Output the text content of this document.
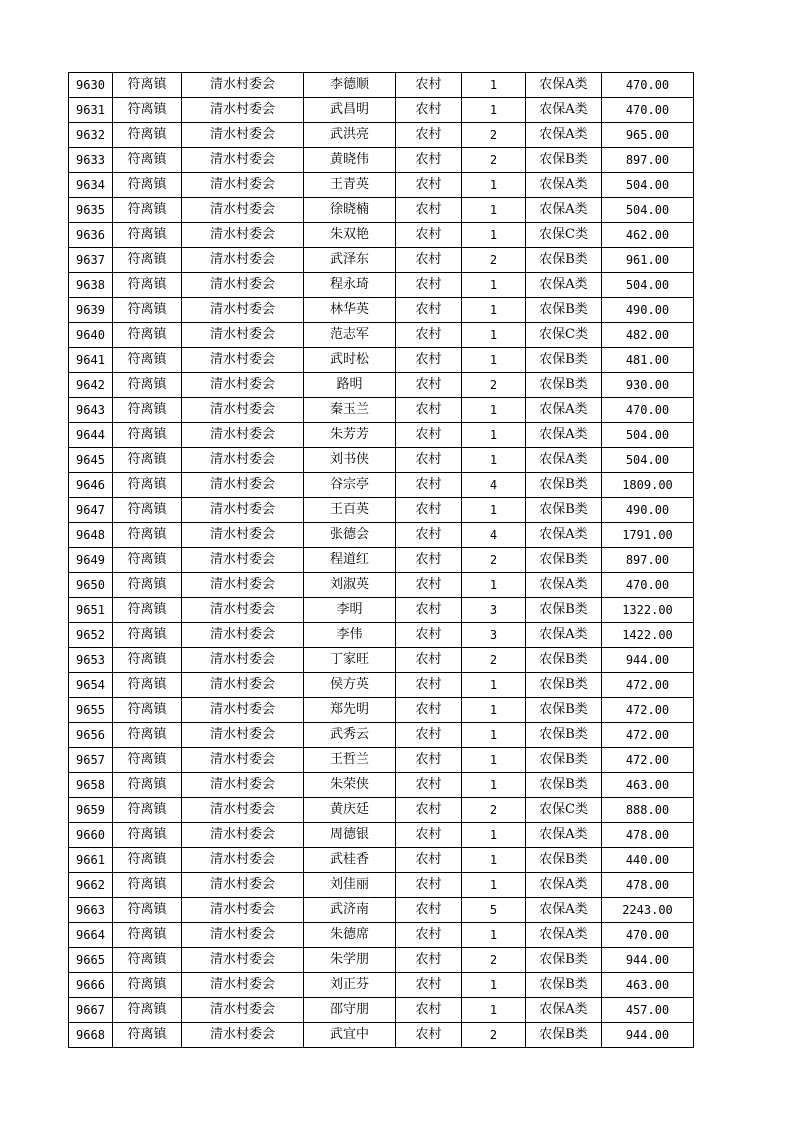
9630	符离镇	清水村委会	李德顺	农村	1	农保A类	470.00
9631	符离镇	清水村委会	武昌明	农村	1	农保A类	470.00
9632	符离镇	清水村委会	武洪亮	农村	2	农保A类	965.00
9633	符离镇	清水村委会	黄晓伟	农村	2	农保B类	897.00
9634	符离镇	清水村委会	王青英	农村	1	农保A类	504.00
9635	符离镇	清水村委会	徐晓楠	农村	1	农保A类	504.00
9636	符离镇	清水村委会	朱双艳	农村	1	农保C类	462.00
9637	符离镇	清水村委会	武泽东	农村	2	农保B类	961.00
9638	符离镇	清水村委会	程永琦	农村	1	农保A类	504.00
9639	符离镇	清水村委会	林华英	农村	1	农保B类	490.00
9640	符离镇	清水村委会	范志军	农村	1	农保C类	482.00
9641	符离镇	清水村委会	武时松	农村	1	农保B类	481.00
9642	符离镇	清水村委会	路明	农村	2	农保B类	930.00
9643	符离镇	清水村委会	秦玉兰	农村	1	农保A类	470.00
9644	符离镇	清水村委会	朱芳芳	农村	1	农保A类	504.00
9645	符离镇	清水村委会	刘书侠	农村	1	农保A类	504.00
9646	符离镇	清水村委会	谷宗亭	农村	4	农保B类	1809.00
9647	符离镇	清水村委会	王百英	农村	1	农保B类	490.00
9648	符离镇	清水村委会	张德会	农村	4	农保A类	1791.00
9649	符离镇	清水村委会	程道红	农村	2	农保B类	897.00
9650	符离镇	清水村委会	刘淑英	农村	1	农保A类	470.00
9651	符离镇	清水村委会	李明	农村	3	农保B类	1322.00
9652	符离镇	清水村委会	李伟	农村	3	农保A类	1422.00
9653	符离镇	清水村委会	丁家旺	农村	2	农保B类	944.00
9654	符离镇	清水村委会	侯方英	农村	1	农保B类	472.00
9655	符离镇	清水村委会	郑先明	农村	1	农保B类	472.00
9656	符离镇	清水村委会	武秀云	农村	1	农保B类	472.00
9657	符离镇	清水村委会	王哲兰	农村	1	农保B类	472.00
9658	符离镇	清水村委会	朱荣侠	农村	1	农保B类	463.00
9659	符离镇	清水村委会	黄庆廷	农村	2	农保C类	888.00
9660	符离镇	清水村委会	周德银	农村	1	农保A类	478.00
9661	符离镇	清水村委会	武桂香	农村	1	农保B类	440.00
9662	符离镇	清水村委会	刘佳丽	农村	1	农保A类	478.00
9663	符离镇	清水村委会	武济南	农村	5	农保A类	2243.00
9664	符离镇	清水村委会	朱德席	农村	1	农保A类	470.00
9665	符离镇	清水村委会	朱学朋	农村	2	农保B类	944.00
9666	符离镇	清水村委会	刘正芬	农村	1	农保B类	463.00
9667	符离镇	清水村委会	邵守朋	农村	1	农保A类	457.00
9668	符离镇	清水村委会	武宜中	农村	2	农保B类	944.00
